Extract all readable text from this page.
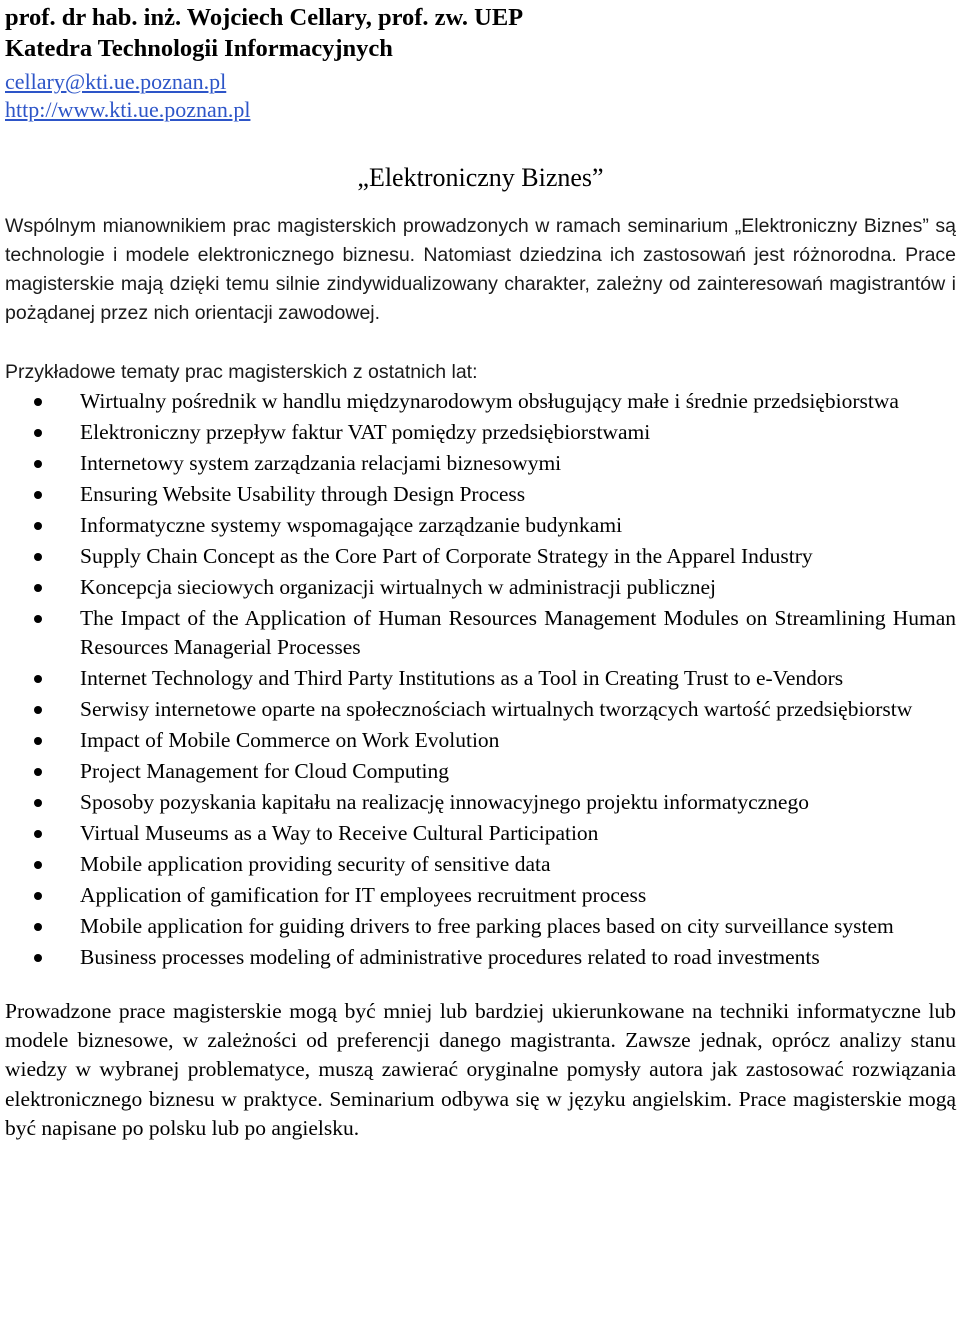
prof. dr hab. inż. Wojciech Cellary, prof. zw. UEP
Katedra Technologii Informacyjnych
cellary@kti.ue.poznan.pl
http://www.kti.ue.poznan.pl
„Elektroniczny Biznes”
Wspólnym mianownikiem prac magisterskich prowadzonych w ramach seminarium „Elektroniczny Biznes” są technologie i modele elektronicznego biznesu. Natomiast dziedzina ich zastosowań jest różnorodna. Prace magisterskie mają dzięki temu silnie zindywidualizowany charakter, zależny od zainteresowań magistrantów i pożądanej przez nich orientacji zawodowej.
Przykładowe tematy prac magisterskich z ostatnich lat:
Wirtualny pośrednik w handlu międzynarodowym obsługujący małe i średnie przedsiębiorstwa
Elektroniczny przepływ faktur VAT pomiędzy przedsiębiorstwami
Internetowy system zarządzania relacjami biznesowymi
Ensuring Website Usability through Design Process
Informatyczne systemy wspomagające zarządzanie budynkami
Supply Chain Concept as the Core Part of Corporate Strategy in the Apparel Industry
Koncepcja sieciowych organizacji wirtualnych w administracji publicznej
The Impact of the Application of Human Resources Management Modules on Streamlining Human Resources Managerial Processes
Internet Technology and Third Party Institutions as a Tool in Creating Trust to e-Vendors
Serwisy internetowe oparte na społecznościach wirtualnych tworzących wartość przedsiębiorstw
Impact of Mobile Commerce on Work Evolution
Project Management for Cloud Computing
Sposoby pozyskania kapitału na realizację innowacyjnego projektu informatycznego
Virtual Museums as a Way to Receive Cultural Participation
Mobile application providing security of sensitive data
Application of gamification for IT employees recruitment process
Mobile application for guiding drivers to free parking places based on city surveillance system
Business processes modeling of administrative procedures related to road investments
Prowadzone prace magisterskie mogą być mniej lub bardziej ukierunkowane na techniki informatyczne lub modele biznesowe, w zależności od preferencji danego magistranta. Zawsze jednak, oprócz analizy stanu wiedzy w wybranej problematyce, muszą zawierać oryginalne pomysły autora jak zastosować rozwiązania elektronicznego biznesu w praktyce. Seminarium odbywa się w języku angielskim. Prace magisterskie mogą być napisane po polsku lub po angielsku.
